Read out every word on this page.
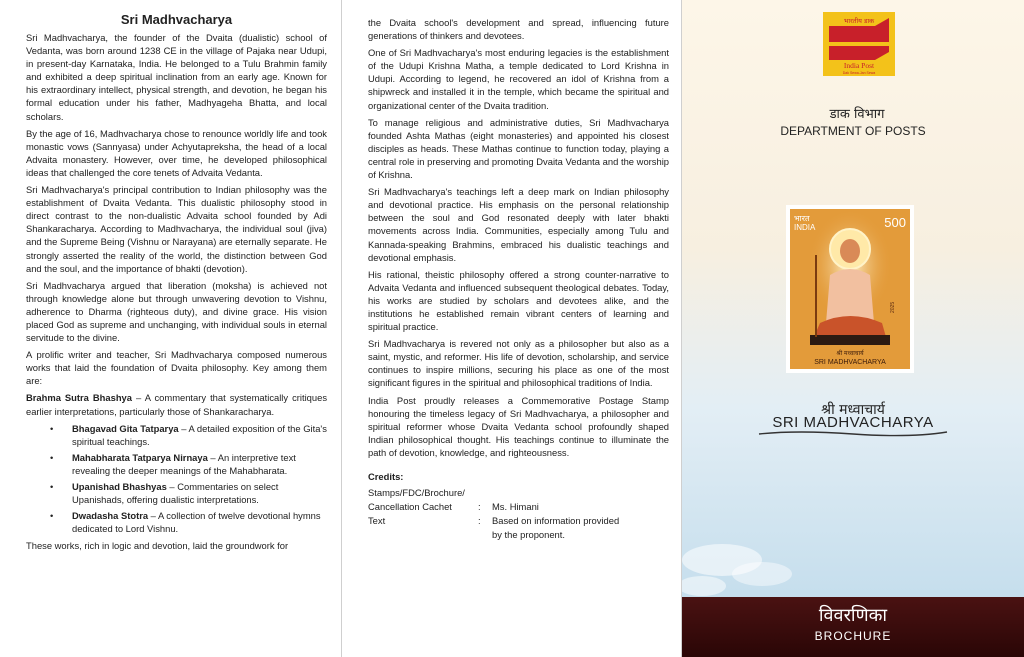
Sri Madhvacharya

Sri Madhvacharya, the founder of the Dvaita (dualistic) school of Vedanta, was born around 1238 CE in the village of Pajaka near Udupi, in present-day Karnataka, India. He belonged to a Tulu Brahmin family and exhibited a deep spiritual inclination from an early age. Known for his extraordinary intellect, physical strength, and devotion, he began his formal education under his father, Madhyageha Bhatta, and local scholars.

By the age of 16, Madhvacharya chose to renounce worldly life and took monastic vows (Sannyasa) under Achyutapreksha, the head of a local Advaita monastery. However, over time, he developed philosophical ideas that challenged the core tenets of Advaita Vedanta.

Sri Madhvacharya's principal contribution to Indian philosophy was the establishment of Dvaita Vedanta. This dualistic philosophy stood in direct contrast to the non-dualistic Advaita school founded by Adi Shankaracharya. According to Madhvacharya, the individual soul (jiva) and the Supreme Being (Vishnu or Narayana) are eternally separate. He strongly asserted the reality of the world, the distinction between God and the soul, and the importance of bhakti (devotion).

Sri Madhvacharya argued that liberation (moksha) is achieved not through knowledge alone but through unwavering devotion to Vishnu, adherence to Dharma (righteous duty), and divine grace. His vision placed God as supreme and unchanging, with individual souls in eternal servitude to the divine.

A prolific writer and teacher, Sri Madhvacharya composed numerous works that laid the foundation of Dvaita philosophy. Key among them are:

Brahma Sutra Bhashya – A commentary that systematically critiques earlier interpretations, particularly those of Shankaracharya.

• Bhagavad Gita Tatparya – A detailed exposition of the Gita's spiritual teachings.
• Mahabharata Tatparya Nirnaya – An interpretive text revealing the deeper meanings of the Mahabharata.
• Upanishad Bhashyas – Commentaries on select Upanishads, offering dualistic interpretations.
• Dwadasha Stotra – A collection of twelve devotional hymns dedicated to Lord Vishnu.

These works, rich in logic and devotion, laid the groundwork for

the Dvaita school's development and spread, influencing future generations of thinkers and devotees.

One of Sri Madhvacharya's most enduring legacies is the establishment of the Udupi Krishna Matha, a temple dedicated to Lord Krishna in Udupi. According to legend, he recovered an idol of Krishna from a shipwreck and installed it in the temple, which became the spiritual and organizational center of the Dvaita tradition.

To manage religious and administrative duties, Sri Madhvacharya founded Ashta Mathas (eight monasteries) and appointed his closest disciples as heads. These Mathas continue to function today, playing a central role in preserving and promoting Dvaita Vedanta and the worship of Krishna.

Sri Madhvacharya's teachings left a deep mark on Indian philosophy and devotional practice. His emphasis on the personal relationship between the soul and God resonated deeply with later bhakti movements across India. Communities, especially among Tulu and Kannada-speaking Brahmins, embraced his dualistic teachings and devotional emphasis.

His rational, theistic philosophy offered a strong counter-narrative to Advaita Vedanta and influenced subsequent theological debates. Today, his works are studied by scholars and devotees alike, and the institutions he established remain vibrant centers of learning and spiritual practice.

Sri Madhvacharya is revered not only as a philosopher but also as a saint, mystic, and reformer. His life of devotion, scholarship, and service continues to inspire millions, securing his place as one of the most significant figures in the spiritual and philosophical traditions of India.

India Post proudly releases a Commemorative Postage Stamp honouring the timeless legacy of Sri Madhvacharya, a philosopher and spiritual reformer whose Dvaita Vedanta school profoundly shaped Indian philosophical thought. His teachings continue to illuminate the path of devotion, knowledge, and righteousness.

Credits:
Stamps/FDC/Brochure/
Cancellation Cachet	:	Ms. Himani
Text	:	Based on information provided
by the proponent.
भारतीय डाक
India Post
Dak Sewa-Jan Sewa
डाक विभाग
DEPARTMENT OF POSTS
भारत
INDIA	500
2025
श्री मध्वाचार्य
SRI MADHVACHARYA
श्री मध्वाचार्य
SRI MADHVACHARYA
विवरणिका
BROCHURE
